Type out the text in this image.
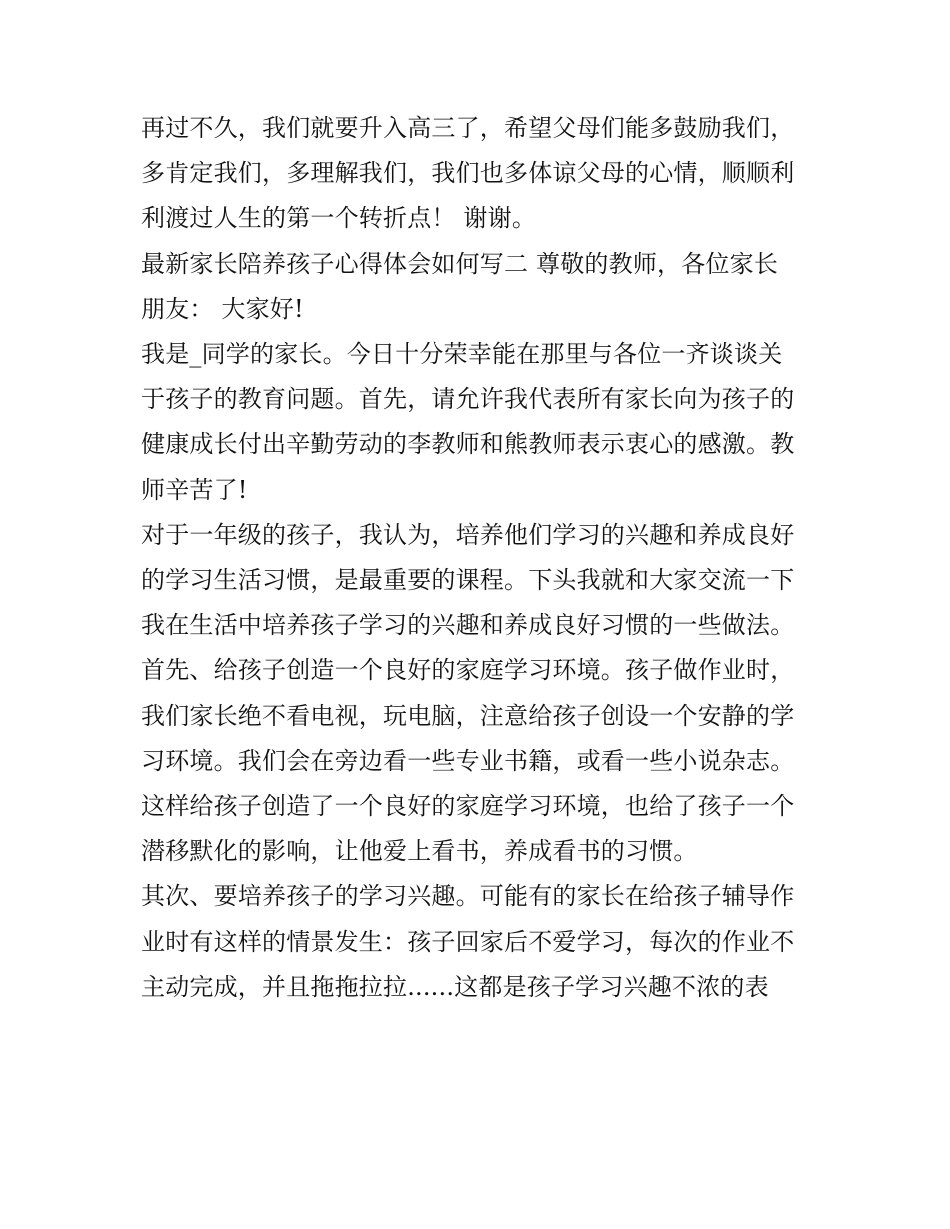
再过不久，我们就要升入高三了，希望父母们能多鼓励我们，
多肯定我们，多理解我们，我们也多体谅父母的心情，顺顺利
利渡过人生的第一个转折点！ 谢谢。

最新家长陪养孩子心得体会如何写二 尊敬的教师，各位家长
朋友： 大家好!

我是_同学的家长。今日十分荣幸能在那里与各位一齐谈谈关
于孩子的教育问题。首先，请允许我代表所有家长向为孩子的
健康成长付出辛勤劳动的李教师和熊教师表示衷心的感激。教
师辛苦了!

对于一年级的孩子，我认为，培养他们学习的兴趣和养成良好
的学习生活习惯，是最重要的课程。下头我就和大家交流一下
我在生活中培养孩子学习的兴趣和养成良好习惯的一些做法。

首先、给孩子创造一个良好的家庭学习环境。孩子做作业时，
我们家长绝不看电视，玩电脑，注意给孩子创设一个安静的学
习环境。我们会在旁边看一些专业书籍，或看一些小说杂志。
这样给孩子创造了一个良好的家庭学习环境，也给了孩子一个
潜移默化的影响，让他爱上看书，养成看书的习惯。

其次、要培养孩子的学习兴趣。可能有的家长在给孩子辅导作
业时有这样的情景发生：孩子回家后不爱学习，每次的作业不
主动完成，并且拖拖拉拉......这都是孩子学习兴趣不浓的表
